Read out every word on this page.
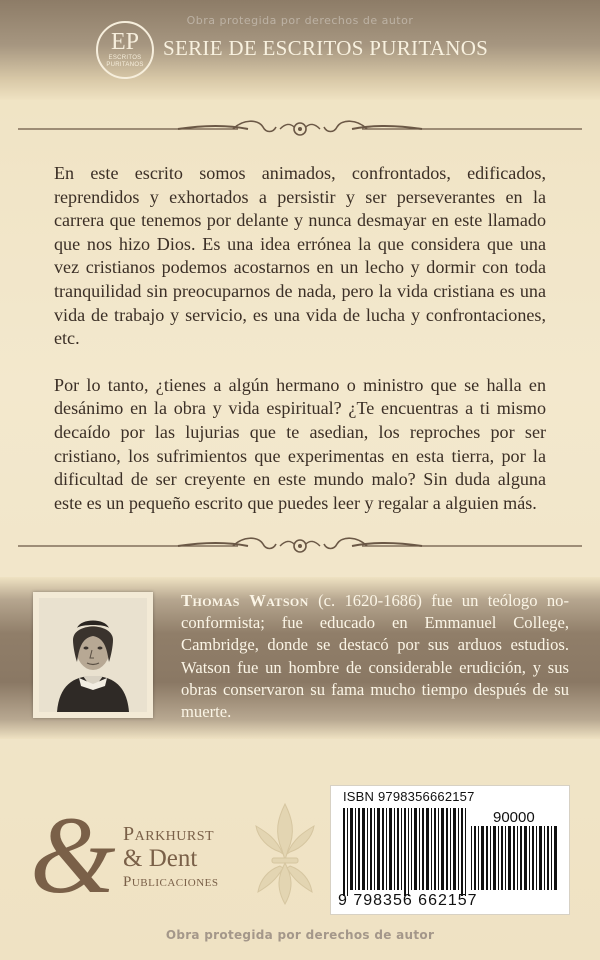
Obra protegida por derechos de autor
EP
ESCRITOS PURITANOS
SERIE DE ESCRITOS PURITANOS

En este escrito somos animados, confrontados, edificados, reprendidos y exhortados a persistir y ser perseverantes en la carrera que tenemos por delante y nunca desmayar en este llamado que nos hizo Dios. Es una idea errónea la que considera que una vez cristianos podemos acostarnos en un lecho y dormir con toda tranquilidad sin preocuparnos de nada, pero la vida cristiana es una vida de trabajo y servicio, es una vida de lucha y confrontaciones, etc.

Por lo tanto, ¿tienes a algún hermano o ministro que se halla en desánimo en la obra y vida espiritual? ¿Te encuentras a ti mismo decaído por las lujurias que te asedian, los reproches por ser cristiano, los sufrimientos que experimentas en esta tierra, por la dificultad de ser creyente en este mundo malo? Sin duda alguna este es un pequeño escrito que puedes leer y regalar a alguien más.

Thomas Watson (c. 1620-1686) fue un teólogo no-conformista; fue educado en Emmanuel College, Cambridge, donde se destacó por sus arduos estudios. Watson fue un hombre de considerable erudición, y sus obras conservaron su fama mucho tiempo después de su muerte.
& Parkhurst
& Dent
Publicaciones
ISBN 9798356662157
90000
9 798356 662157
Obra protegida por derechos de autor
